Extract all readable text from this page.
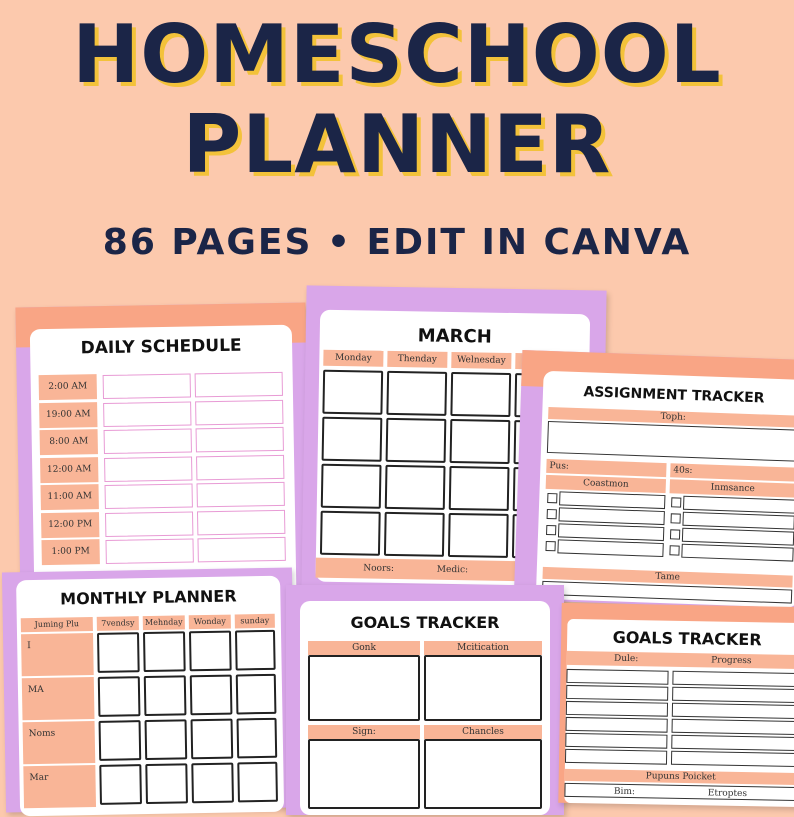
HOMESCHOOL
PLANNER
86 PAGES • EDIT IN CANVA
DAILY SCHEDULE
2:00 AM
19:00 AM
8:00 AM
12:00 AM
11:00 AM
12:00 PM
1:00 PM
MARCH
Monday	Thenday	Welnesday
Noors:	Medic:
ASSIGNMENT TRACKER
Toph:
Pus:	40s:
Coastmon	Inmsance
Tame
MONTHLY PLANNER
Juming Plu	7vendsy	Mehnday	Wonday	sunday
I
MA
Noms
Mar
GOALS TRACKER
Gonk	Mcitication
Sign:	Chancles
GOALS TRACKER
Dule:	Progress
Pupuns Poicket
Bim:	Etroptes
